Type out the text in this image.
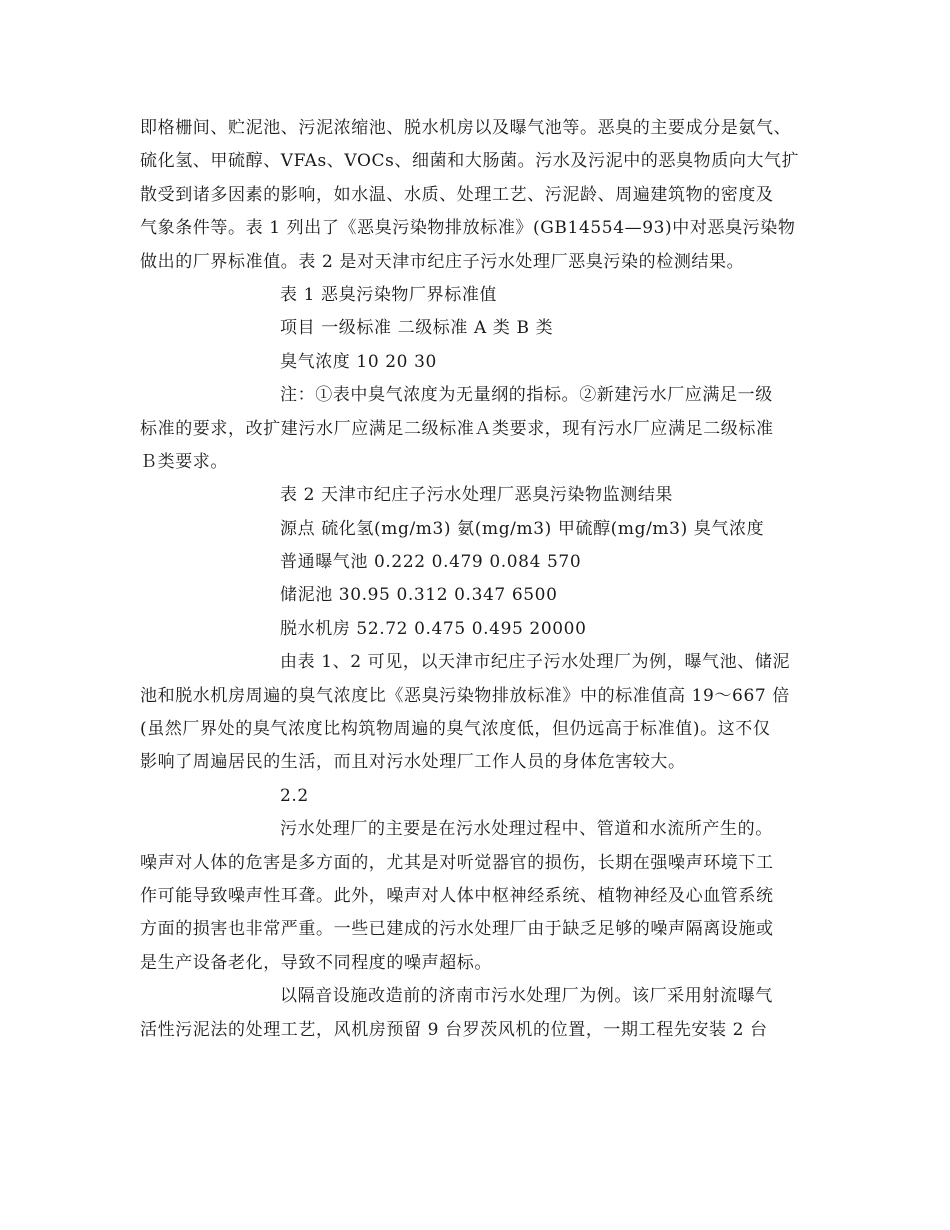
即格栅间、贮泥池、污泥浓缩池、脱水机房以及曝气池等。恶臭的主要成分是氨气、
硫化氢、甲硫醇、VFAs、VOCs、细菌和大肠菌。污水及污泥中的恶臭物质向大气扩
散受到诸多因素的影响，如水温、水质、处理工艺、污泥龄、周遍建筑物的密度及
气象条件等。表 1 列出了《恶臭污染物排放标准》(GB14554—93)中对恶臭污染物
做出的厂界标准值。表 2 是对天津市纪庄子污水处理厂恶臭污染的检测结果。
表 1 恶臭污染物厂界标准值
项目 一级标准 二级标准 A 类 B 类
臭气浓度 10 20 30
注：①表中臭气浓度为无量纲的指标。②新建污水厂应满足一级
标准的要求，改扩建污水厂应满足二级标准Ａ类要求，现有污水厂应满足二级标准
Ｂ类要求。
表 2 天津市纪庄子污水处理厂恶臭污染物监测结果
源点 硫化氢(mg/m3) 氨(mg/m3) 甲硫醇(mg/m3) 臭气浓度
普通曝气池 0.222 0.479 0.084 570
储泥池 30.95 0.312 0.347 6500
脱水机房 52.72 0.475 0.495 20000
由表 1、2 可见，以天津市纪庄子污水处理厂为例，曝气池、储泥
池和脱水机房周遍的臭气浓度比《恶臭污染物排放标准》中的标准值高 19～667 倍
(虽然厂界处的臭气浓度比构筑物周遍的臭气浓度低，但仍远高于标准值)。这不仅
影响了周遍居民的生活，而且对污水处理厂工作人员的身体危害较大。
2.2
污水处理厂的主要是在污水处理过程中、管道和水流所产生的。
噪声对人体的危害是多方面的，尤其是对听觉器官的损伤，长期在强噪声环境下工
作可能导致噪声性耳聋。此外，噪声对人体中枢神经系统、植物神经及心血管系统
方面的损害也非常严重。一些已建成的污水处理厂由于缺乏足够的噪声隔离设施或
是生产设备老化，导致不同程度的噪声超标。
以隔音设施改造前的济南市污水处理厂为例。该厂采用射流曝气
活性污泥法的处理工艺，风机房预留 9 台罗茨风机的位置，一期工程先安装 2 台
